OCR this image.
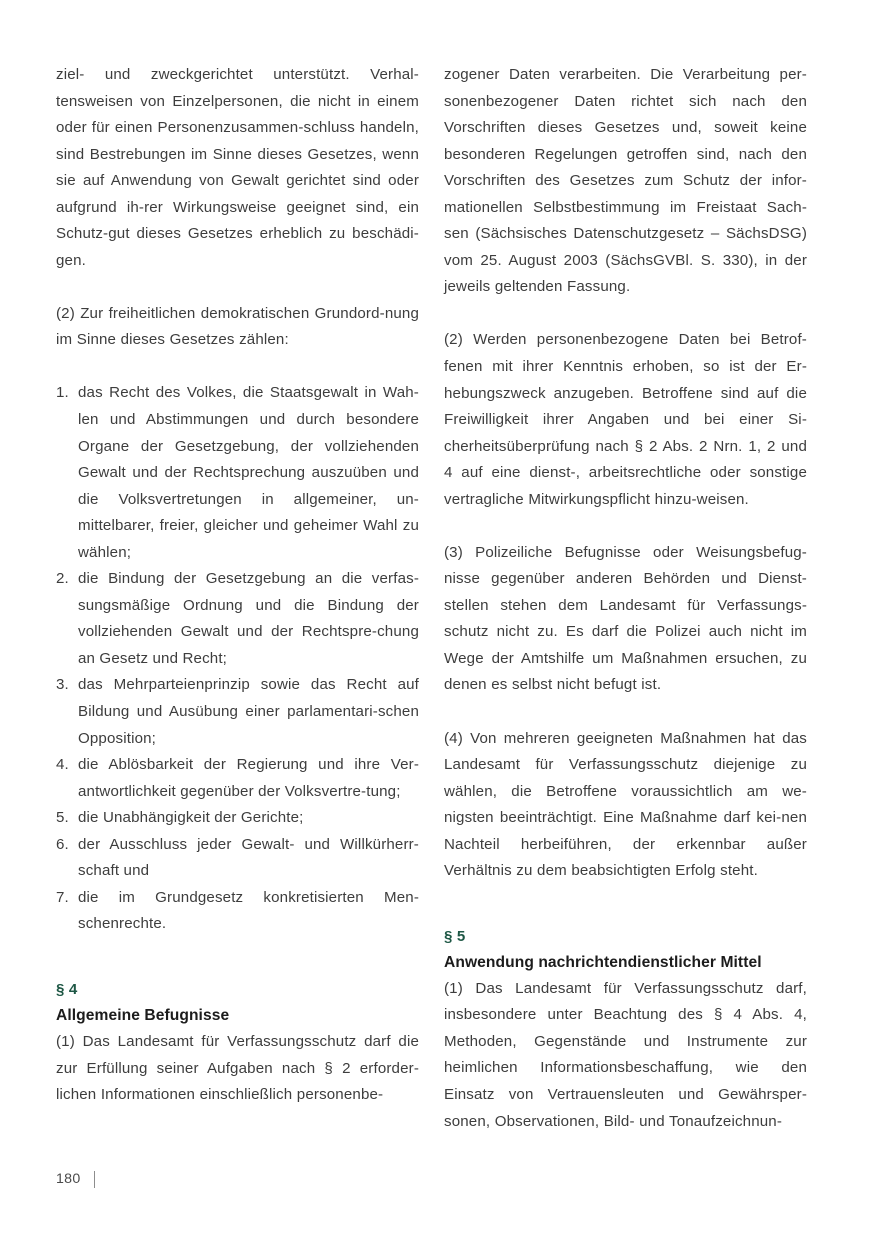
ziel- und zweckgerichtet unterstützt. Verhal-tensweisen von Einzelpersonen, die nicht in einem oder für einen Personenzusammen-schluss handeln, sind Bestrebungen im Sinne dieses Gesetzes, wenn sie auf Anwendung von Gewalt gerichtet sind oder aufgrund ih-rer Wirkungsweise geeignet sind, ein Schutz-gut dieses Gesetzes erheblich zu beschädi-gen.

(2) Zur freiheitlichen demokratischen Grundord-nung im Sinne dieses Gesetzes zählen:

das Recht des Volkes, die Staatsgewalt in Wah-len und Abstimmungen und durch besondere Organe der Gesetzgebung, der vollziehenden Gewalt und der Rechtsprechung auszuüben und die Volksvertretungen in allgemeiner, un-mittelbarer, freier, gleicher und geheimer Wahl zu wählen;
die Bindung der Gesetzgebung an die verfas-sungsmäßige Ordnung und die Bindung der vollziehenden Gewalt und der Rechtspre-chung an Gesetz und Recht;
das Mehrparteienprinzip sowie das Recht auf Bildung und Ausübung einer parlamentari-schen Opposition;
die Ablösbarkeit der Regierung und ihre Ver-antwortlichkeit gegenüber der Volksvertre-tung;
die Unabhängigkeit der Gerichte;
der Ausschluss jeder Gewalt- und Willkürherr-schaft und
die im Grundgesetz konkretisierten Men-schenrechte.
§ 4
Allgemeine Befugnisse

(1) Das Landesamt für Verfassungsschutz darf die zur Erfüllung seiner Aufgaben nach § 2 erforder-lichen Informationen einschließlich personenbe-

zogener Daten verarbeiten. Die Verarbeitung per-sonenbezogener Daten richtet sich nach den Vorschriften dieses Gesetzes und, soweit keine besonderen Regelungen getroffen sind, nach den Vorschriften des Gesetzes zum Schutz der infor-mationellen Selbstbestimmung im Freistaat Sach-sen (Sächsisches Datenschutzgesetz – SächsDSG) vom 25. August 2003 (SächsGVBl. S. 330), in der jeweils geltenden Fassung.

(2) Werden personenbezogene Daten bei Betrof-fenen mit ihrer Kenntnis erhoben, so ist der Er-hebungszweck anzugeben. Betroffene sind auf die Freiwilligkeit ihrer Angaben und bei einer Si-cherheitsüberprüfung nach § 2 Abs. 2 Nrn. 1, 2 und 4 auf eine dienst-, arbeitsrechtliche oder sonstige vertragliche Mitwirkungspflicht hinzu-weisen.

(3) Polizeiliche Befugnisse oder Weisungsbefug-nisse gegenüber anderen Behörden und Dienst-stellen stehen dem Landesamt für Verfassungs-schutz nicht zu. Es darf die Polizei auch nicht im Wege der Amtshilfe um Maßnahmen ersuchen, zu denen es selbst nicht befugt ist.

(4) Von mehreren geeigneten Maßnahmen hat das Landesamt für Verfassungsschutz diejenige zu wählen, die Betroffene voraussichtlich am we-nigsten beeinträchtigt. Eine Maßnahme darf kei-nen Nachteil herbeiführen, der erkennbar außer Verhältnis zu dem beabsichtigten Erfolg steht.

§ 5
Anwendung nachrichtendienstlicher Mittel

(1) Das Landesamt für Verfassungsschutz darf, insbesondere unter Beachtung des § 4 Abs. 4, Methoden, Gegenstände und Instrumente zur heimlichen Informationsbeschaffung, wie den Einsatz von Vertrauensleuten und Gewährsper-sonen, Observationen, Bild- und Tonaufzeichnun-

180
